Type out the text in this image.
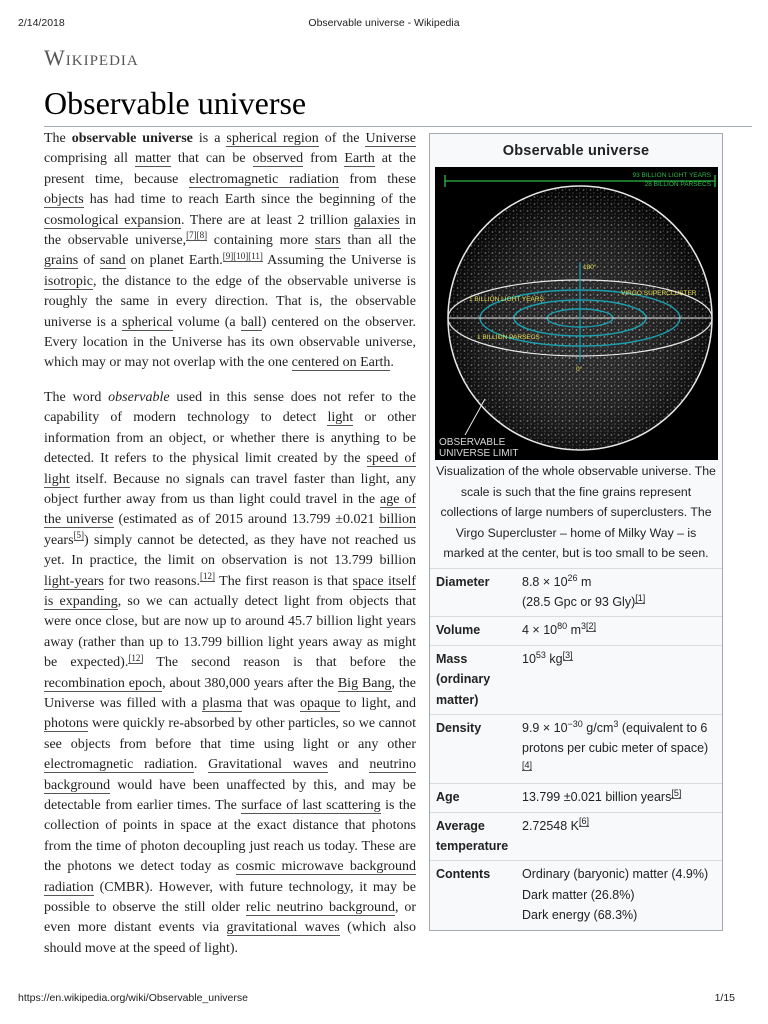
2/14/2018	Observable universe - Wikipedia
Wikipedia
Observable universe

The observable universe is a spherical region of the Universe comprising all matter that can be observed from Earth at the present time, because electromagnetic radiation from these objects has had time to reach Earth since the beginning of the cosmological expansion. There are at least 2 trillion galaxies in the observable universe,[7][8] containing more stars than all the grains of sand on planet Earth.[9][10][11] Assuming the Universe is isotropic, the distance to the edge of the observable universe is roughly the same in every direction. That is, the observable universe is a spherical volume (a ball) centered on the observer. Every location in the Universe has its own observable universe, which may or may not overlap with the one centered on Earth.

The word observable used in this sense does not refer to the capability of modern technology to detect light or other information from an object, or whether there is anything to be detected. It refers to the physical limit created by the speed of light itself. Because no signals can travel faster than light, any object further away from us than light could travel in the age of the universe (estimated as of 2015 around 13.799 ±0.021 billion years[5]) simply cannot be detected, as they have not reached us yet. In practice, the limit on observation is not 13.799 billion light-years for two reasons.[12] The first reason is that space itself is expanding, so we can actually detect light from objects that were once close, but are now up to around 45.7 billion light years away (rather than up to 13.799 billion light years away as might be expected).[12] The second reason is that before the recombination epoch, about 380,000 years after the Big Bang, the Universe was filled with a plasma that was opaque to light, and photons were quickly re-absorbed by other particles, so we cannot see objects from before that time using light or any other electromagnetic radiation. Gravitational waves and neutrino background would have been unaffected by this, and may be detectable from earlier times. The surface of last scattering is the collection of points in space at the exact distance that photons from the time of photon decoupling just reach us today. These are the photons we detect today as cosmic microwave background radiation (CMBR). However, with future technology, it may be possible to observe the still older relic neutrino background, or even more distant events via gravitational waves (which also should move at the speed of light).

Observable universe
93 BILLION LIGHT YEARS
28 BILLION PARSECS
180°
VIRGO SUPERCLUSTER
1 BILLION LIGHT YEARS
1 BILLION PARSECS
0°
OBSERVABLE
UNIVERSE LIMIT
Visualization of the whole observable universe. The scale is such that the fine grains represent collections of large numbers of superclusters. The Virgo Supercluster – home of Milky Way – is marked at the center, but is too small to be seen.
Diameter	$8.8 \times 10^{26}$ m
(28.5 Gpc or 93 Gly)[1]
Volume	$4 \times 10^{80}$ $m^{3[2]}$
Mass (ordinary matter)	$10^{53}$ kg[3]
Density	$9.9 \times 10^{-30}$ $g/cm^3$ (equivalent to 6 protons per cubic meter of space)[4]
Age	13.799 ±0.021 billion years[5]
Average temperature	2.72548 K[6]
Contents	Ordinary (baryonic) matter (4.9%)
Dark matter (26.8%)
Dark energy (68.3%)
https://en.wikipedia.org/wiki/Observable_universe	1/15
